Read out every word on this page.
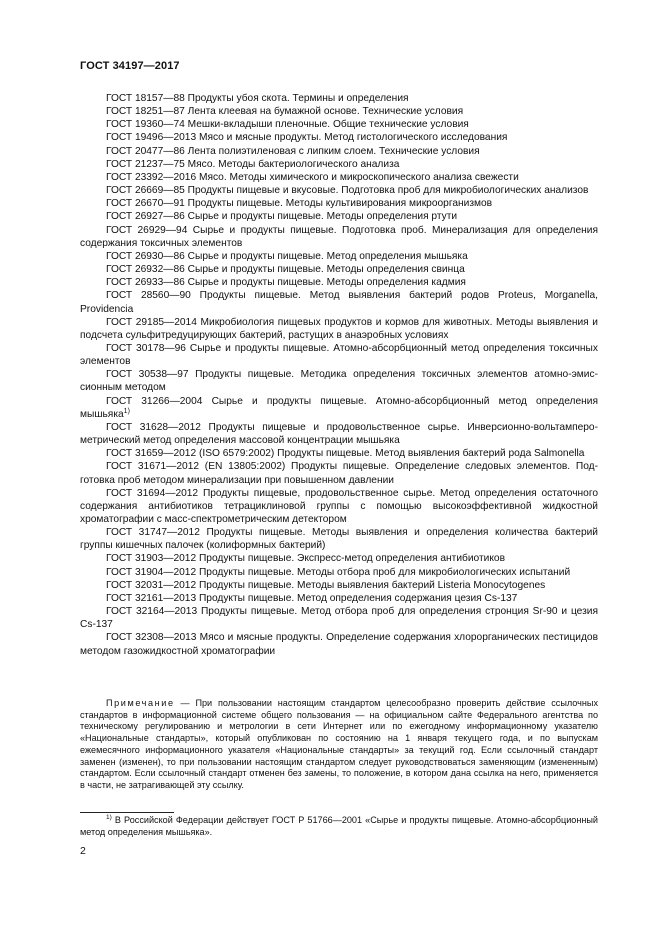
ГОСТ 34197—2017

ГОСТ 18157—88 Продукты убоя скота. Термины и определения

ГОСТ 18251—87 Лента клеевая на бумажной основе. Технические условия

ГОСТ 19360—74 Мешки-вкладыши пленочные. Общие технические условия

ГОСТ 19496—2013 Мясо и мясные продукты. Метод гистологического исследования

ГОСТ 20477—86 Лента полиэтиленовая с липким слоем. Технические условия

ГОСТ 21237—75 Мясо. Методы бактериологического анализа

ГОСТ 23392—2016 Мясо. Методы химического и микроскопического анализа свежести

ГОСТ 26669—85 Продукты пищевые и вкусовые. Подготовка проб для микробиологических анализов

ГОСТ 26670—91 Продукты пищевые. Методы культивирования микроорганизмов

ГОСТ 26927—86 Сырье и продукты пищевые. Методы определения ртути

ГОСТ 26929—94 Сырье и продукты пищевые. Подготовка проб. Минерализация для определения содержания токсичных элементов

ГОСТ 26930—86 Сырье и продукты пищевые. Метод определения мышьяка

ГОСТ 26932—86 Сырье и продукты пищевые. Методы определения свинца

ГОСТ 26933—86 Сырье и продукты пищевые. Методы определения кадмия

ГОСТ 28560—90 Продукты пищевые. Метод выявления бактерий родов Proteus, Morganella, Providencia

ГОСТ 29185—2014 Микробиология пищевых продуктов и кормов для животных. Методы выявления и подсчета сульфитредуцирующих бактерий, растущих в анаэробных условиях

ГОСТ 30178—96 Сырье и продукты пищевые. Атомно-абсорбционный метод определения токсичных элементов

ГОСТ 30538—97 Продукты пищевые. Методика определения токсичных элементов атомно-эмиссионным методом

ГОСТ 31266—2004 Сырье и продукты пищевые. Атомно-абсорбционный метод определения мышьяка$^{1)}$

ГОСТ 31628—2012 Продукты пищевые и продовольственное сырье. Инверсионно-вольтамперометрический метод определения массовой концентрации мышьяка

ГОСТ 31659—2012 (ISO 6579:2002) Продукты пищевые. Метод выявления бактерий рода Salmonella

ГОСТ 31671—2012 (EN 13805:2002) Продукты пищевые. Определение следовых элементов. Подготовка проб методом минерализации при повышенном давлении

ГОСТ 31694—2012 Продукты пищевые, продовольственное сырье. Метод определения остаточного содержания антибиотиков тетрациклиновой группы с помощью высокоэффективной жидкостной хроматографии с масс-спектрометрическим детектором

ГОСТ 31747—2012 Продукты пищевые. Методы выявления и определения количества бактерий группы кишечных палочек (колиформных бактерий)

ГОСТ 31903—2012 Продукты пищевые. Экспресс-метод определения антибиотиков

ГОСТ 31904—2012 Продукты пищевые. Методы отбора проб для микробиологических испытаний

ГОСТ 32031—2012 Продукты пищевые. Методы выявления бактерий Listeria Monocytogenes

ГОСТ 32161—2013 Продукты пищевые. Метод определения содержания цезия Cs-137

ГОСТ 32164—2013 Продукты пищевые. Метод отбора проб для определения стронция Sr-90 и цезия Cs-137

ГОСТ 32308—2013 Мясо и мясные продукты. Определение содержания хлорорганических пестицидов методом газожидкостной хроматографии

Примечание — При пользовании настоящим стандартом целесообразно проверить действие ссылочных стандартов в информационной системе общего пользования — на официальном сайте Федерального агентства по техническому регулированию и метрологии в сети Интернет или по ежегодному информационному указателю «Национальные стандарты», который опубликован по состоянию на 1 января текущего года, и по выпускам ежемесячного информационного указателя «Национальные стандарты» за текущий год. Если ссылочный стандарт заменен (изменен), то при пользовании настоящим стандартом следует руководствоваться заменяющим (измененным) стандартом. Если ссылочный стандарт отменен без замены, то положение, в котором дана ссылка на него, применяется в части, не затрагивающей эту ссылку.

$^{1)}$ В Российской Федерации действует ГОСТ Р 51766—2001 «Сырье и продукты пищевые. Атомно-абсорбционный метод определения мышьяка».

2
